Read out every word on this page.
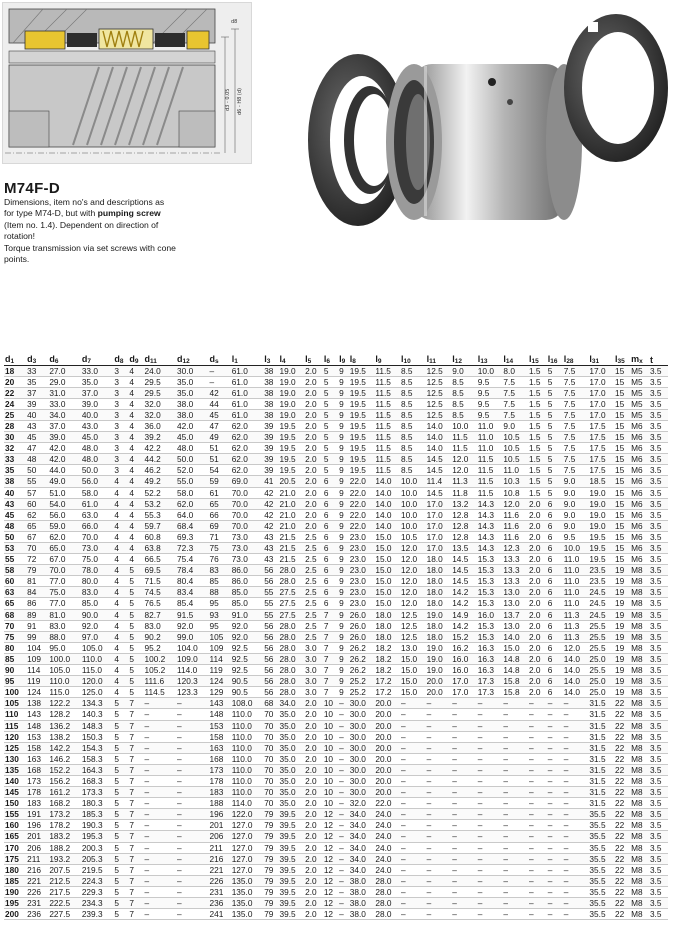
d8
d3 - 0.05 d6 - H8 (d)
M74F-D
Dimensions, item no's and descriptions as for type M74-D, but with pumping screw (Item no. 1.4). Dependent on direction of rotation!
Torque transmission via set screws with cone points.
$d_1$	$d_3$	$d_6$	$d_7$	$d_8$	$d_9$	$d_{11}$	$d_{12}$	$d_s$	$l_1$	$l_3$	$l_4$	$l_5$	$l_6$	$l_9$	$l_8$	$l_9$	$l_{10}$	$l_{11}$	$l_{12}$	$l_{13}$	$l_{14}$	$l_{15}$	$l_{16}$	$l_{28}$	$l_{31}$	$l_{35}$	$m_x$	t
18	33	27.0	33.0	3	4	24.0	30.0	–	61.0	38	19.0	2.0	5	9	19.5	11.5	8.5	12.5	9.0	10.0	8.0	1.5	5	7.5	17.0	15	M5	3.5
20	35	29.0	35.0	3	4	29.5	35.0	–	61.0	38	19.0	2.0	5	9	19.5	11.5	8.5	12.5	8.5	9.5	7.5	1.5	5	7.5	17.0	15	M5	3.5
22	37	31.0	37.0	3	4	29.5	35.0	42	61.0	38	19.0	2.0	5	9	19.5	11.5	8.5	12.5	8.5	9.5	7.5	1.5	5	7.5	17.0	15	M5	3.5
24	39	33.0	39.0	3	4	32.0	38.0	44	61.0	38	19.0	2.0	5	9	19.5	11.5	8.5	12.5	8.5	9.5	7.5	1.5	5	7.5	17.0	15	M5	3.5
25	40	34.0	40.0	3	4	32.0	38.0	45	61.0	38	19.0	2.0	5	9	19.5	11.5	8.5	12.5	8.5	9.5	7.5	1.5	5	7.5	17.0	15	M5	3.5
28	43	37.0	43.0	3	4	36.0	42.0	47	62.0	39	19.5	2.0	5	9	19.5	11.5	8.5	14.0	10.0	11.0	9.0	1.5	5	7.5	17.5	15	M6	3.5
30	45	39.0	45.0	3	4	39.2	45.0	49	62.0	39	19.5	2.0	5	9	19.5	11.5	8.5	14.0	11.5	11.0	10.5	1.5	5	7.5	17.5	15	M6	3.5
32	47	42.0	48.0	3	4	42.2	48.0	51	62.0	39	19.5	2.0	5	9	19.5	11.5	8.5	14.0	11.5	11.0	10.5	1.5	5	7.5	17.5	15	M6	3.5
33	48	42.0	48.0	3	4	44.2	50.0	51	62.0	39	19.5	2.0	5	9	19.5	11.5	8.5	14.5	12.0	11.5	10.5	1.5	5	7.5	17.5	15	M6	3.5
35	50	44.0	50.0	3	4	46.2	52.0	54	62.0	39	19.5	2.0	5	9	19.5	11.5	8.5	14.5	12.0	11.5	11.0	1.5	5	7.5	17.5	15	M6	3.5
38	55	49.0	56.0	4	4	49.2	55.0	59	69.0	41	20.5	2.0	6	9	22.0	14.0	10.0	11.4	11.3	11.5	10.3	1.5	5	9.0	18.5	15	M6	3.5
40	57	51.0	58.0	4	4	52.2	58.0	61	70.0	42	21.0	2.0	6	9	22.0	14.0	10.0	14.5	11.8	11.5	10.8	1.5	5	9.0	19.0	15	M6	3.5
43	60	54.0	61.0	4	4	53.2	62.0	65	70.0	42	21.0	2.0	6	9	22.0	14.0	10.0	17.0	13.2	14.3	12.0	2.0	6	9.0	19.0	15	M6	3.5
45	62	56.0	63.0	4	4	55.3	64.0	66	70.0	42	21.0	2.0	6	9	22.0	14.0	10.0	17.0	12.8	14.3	11.6	2.0	6	9.0	19.0	15	M6	3.5
48	65	59.0	66.0	4	4	59.7	68.4	69	70.0	42	21.0	2.0	6	9	22.0	14.0	10.0	17.0	12.8	14.3	11.6	2.0	6	9.0	19.0	15	M6	3.5
50	67	62.0	70.0	4	4	60.8	69.3	71	73.0	43	21.5	2.5	6	9	23.0	15.0	10.5	17.0	12.8	14.3	11.6	2.0	6	9.5	19.5	15	M6	3.5
53	70	65.0	73.0	4	4	63.8	72.3	75	73.0	43	21.5	2.5	6	9	23.0	15.0	12.0	17.0	13.5	14.3	12.3	2.0	6	10.0	19.5	15	M6	3.5
55	72	67.0	75.0	4	4	66.5	75.4	76	73.0	43	21.5	2.5	6	9	23.0	15.0	12.0	18.0	14.5	15.3	13.3	2.0	6	11.0	19.5	15	M6	3.5
58	79	70.0	78.0	4	5	69.5	78.4	83	86.0	56	28.0	2.5	6	9	23.0	15.0	12.0	18.0	14.5	15.3	13.3	2.0	6	11.0	23.5	19	M8	3.5
60	81	77.0	80.0	4	5	71.5	80.4	85	86.0	56	28.0	2.5	6	9	23.0	15.0	12.0	18.0	14.5	15.3	13.3	2.0	6	11.0	23.5	19	M8	3.5
63	84	75.0	83.0	4	5	74.5	83.4	88	85.0	55	27.5	2.5	6	9	23.0	15.0	12.0	18.0	14.2	15.3	13.0	2.0	6	11.0	24.5	19	M8	3.5
65	86	77.0	85.0	4	5	76.5	85.4	95	85.0	55	27.5	2.5	6	9	23.0	15.0	12.0	18.0	14.2	15.3	13.0	2.0	6	11.0	24.5	19	M8	3.5
68	89	81.0	90.0	4	5	82.7	91.5	93	91.0	55	27.5	2.5	7	9	26.0	18.0	12.5	19.0	14.9	16.0	13.7	2.0	6	11.3	24.5	19	M8	3.5
70	91	83.0	92.0	4	5	83.0	92.0	95	92.0	56	28.0	2.5	7	9	26.0	18.0	12.5	18.0	14.2	15.3	13.0	2.0	6	11.3	25.5	19	M8	3.5
75	99	88.0	97.0	4	5	90.2	99.0	105	92.0	56	28.0	2.5	7	9	26.0	18.0	12.5	18.0	15.2	15.3	14.0	2.0	6	11.3	25.5	19	M8	3.5
80	104	95.0	105.0	4	5	95.2	104.0	109	92.5	56	28.0	3.0	7	9	26.2	18.2	13.0	19.0	16.2	16.3	15.0	2.0	6	12.0	25.5	19	M8	3.5
85	109	100.0	110.0	4	5	100.2	109.0	114	92.5	56	28.0	3.0	7	9	26.2	18.2	15.0	19.0	16.0	16.3	14.8	2.0	6	14.0	25.0	19	M8	3.5
90	114	105.0	115.0	4	5	105.2	114.0	119	92.5	56	28.0	3.0	7	9	26.2	18.2	15.0	19.0	16.0	16.3	14.8	2.0	6	14.0	25.5	19	M8	3.5
95	119	110.0	120.0	4	5	111.6	120.3	124	90.5	56	28.0	3.0	7	9	25.2	17.2	15.0	20.0	17.0	17.3	15.8	2.0	6	14.0	25.0	19	M8	3.5
100	124	115.0	125.0	4	5	114.5	123.3	129	90.5	56	28.0	3.0	7	9	25.2	17.2	15.0	20.0	17.0	17.3	15.8	2.0	6	14.0	25.0	19	M8	3.5
105	138	122.2	134.3	5	7	–	–	143	108.0	68	34.0	2.0	10	–	30.0	20.0	–	–	–	–	–	–	–	–	31.5	22	M8	3.5
110	143	128.2	140.3	5	7	–	–	148	110.0	70	35.0	2.0	10	–	30.0	20.0	–	–	–	–	–	–	–	–	31.5	22	M8	3.5
115	148	136.2	148.3	5	7	–	–	153	110.0	70	35.0	2.0	10	–	30.0	20.0	–	–	–	–	–	–	–	–	31.5	22	M8	3.5
120	153	138.2	150.3	5	7	–	–	158	110.0	70	35.0	2.0	10	–	30.0	20.0	–	–	–	–	–	–	–	–	31.5	22	M8	3.5
125	158	142.2	154.3	5	7	–	–	163	110.0	70	35.0	2.0	10	–	30.0	20.0	–	–	–	–	–	–	–	–	31.5	22	M8	3.5
130	163	146.2	158.3	5	7	–	–	168	110.0	70	35.0	2.0	10	–	30.0	20.0	–	–	–	–	–	–	–	–	31.5	22	M8	3.5
135	168	152.2	164.3	5	7	–	–	173	110.0	70	35.0	2.0	10	–	30.0	20.0	–	–	–	–	–	–	–	–	31.5	22	M8	3.5
140	173	156.2	168.3	5	7	–	–	178	110.0	70	35.0	2.0	10	–	30.0	20.0	–	–	–	–	–	–	–	–	31.5	22	M8	3.5
145	178	161.2	173.3	5	7	–	–	183	110.0	70	35.0	2.0	10	–	30.0	20.0	–	–	–	–	–	–	–	–	31.5	22	M8	3.5
150	183	168.2	180.3	5	7	–	–	188	114.0	70	35.0	2.0	10	–	32.0	22.0	–	–	–	–	–	–	–	–	31.5	22	M8	3.5
155	191	173.2	185.3	5	7	–	–	196	122.0	79	39.5	2.0	12	–	34.0	24.0	–	–	–	–	–	–	–	–	35.5	22	M8	3.5
160	196	178.2	190.3	5	7	–	–	201	127.0	79	39.5	2.0	12	–	34.0	24.0	–	–	–	–	–	–	–	–	35.5	22	M8	3.5
165	201	183.2	195.3	5	7	–	–	206	127.0	79	39.5	2.0	12	–	34.0	24.0	–	–	–	–	–	–	–	–	35.5	22	M8	3.5
170	206	188.2	200.3	5	7	–	–	211	127.0	79	39.5	2.0	12	–	34.0	24.0	–	–	–	–	–	–	–	–	35.5	22	M8	3.5
175	211	193.2	205.3	5	7	–	–	216	127.0	79	39.5	2.0	12	–	34.0	24.0	–	–	–	–	–	–	–	–	35.5	22	M8	3.5
180	216	207.5	219.5	5	7	–	–	221	127.0	79	39.5	2.0	12	–	34.0	24.0	–	–	–	–	–	–	–	–	35.5	22	M8	3.5
185	221	212.5	224.3	5	7	–	–	226	135.0	79	39.5	2.0	12	–	38.0	28.0	–	–	–	–	–	–	–	–	35.5	22	M8	3.5
190	226	217.5	229.3	5	7	–	–	231	135.0	79	39.5	2.0	12	–	38.0	28.0	–	–	–	–	–	–	–	–	35.5	22	M8	3.5
195	231	222.5	234.3	5	7	–	–	236	135.0	79	39.5	2.0	12	–	38.0	28.0	–	–	–	–	–	–	–	–	35.5	22	M8	3.5
200	236	227.5	239.3	5	7	–	–	241	135.0	79	39.5	2.0	12	–	38.0	28.0	–	–	–	–	–	–	–	–	35.5	22	M8	3.5
